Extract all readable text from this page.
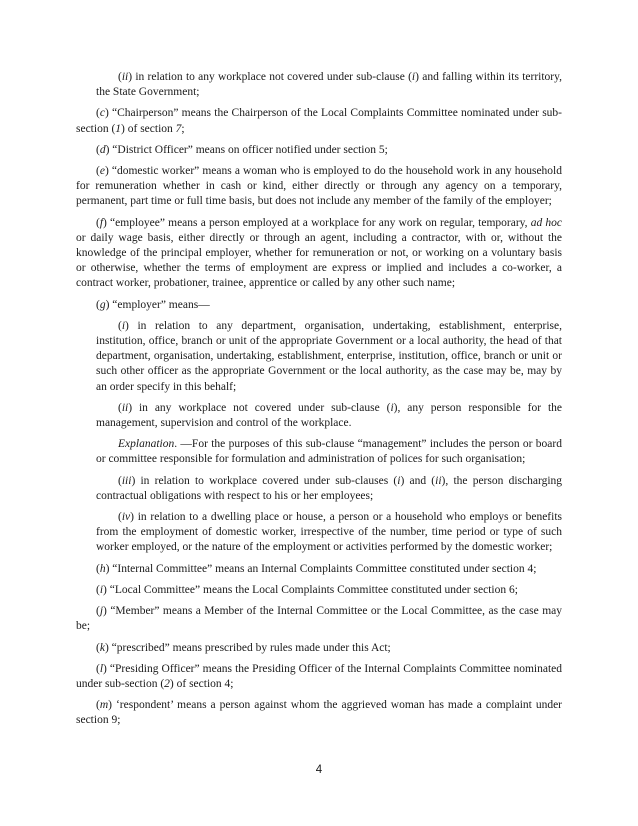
(ii) in relation to any workplace not covered under sub-clause (i) and falling within its territory, the State Government;

(c) “Chairperson” means the Chairperson of the Local Complaints Committee nominated under sub-section (1) of section 7;

(d) “District Officer” means on officer notified under section 5;

(e) “domestic worker” means a woman who is employed to do the household work in any household for remuneration whether in cash or kind, either directly or through any agency on a temporary, permanent, part time or full time basis, but does not include any member of the family of the employer;

(f) “employee” means a person employed at a workplace for any work on regular, temporary, ad hoc or daily wage basis, either directly or through an agent, including a contractor, with or, without the knowledge of the principal employer, whether for remuneration or not, or working on a voluntary basis or otherwise, whether the terms of employment are express or implied and includes a co-worker, a contract worker, probationer, trainee, apprentice or called by any other such name;

(g) “employer” means—

(i) in relation to any department, organisation, undertaking, establishment, enterprise, institution, office, branch or unit of the appropriate Government or a local authority, the head of that department, organisation, undertaking, establishment, enterprise, institution, office, branch or unit or such other officer as the appropriate Government or the local authority, as the case may be, may by an order specify in this behalf;

(ii) in any workplace not covered under sub-clause (i), any person responsible for the management, supervision and control of the workplace.

Explanation. —For the purposes of this sub-clause “management” includes the person or board or committee responsible for formulation and administration of polices for such organisation;

(iii) in relation to workplace covered under sub-clauses (i) and (ii), the person discharging contractual obligations with respect to his or her employees;

(iv) in relation to a dwelling place or house, a person or a household who employs or benefits from the employment of domestic worker, irrespective of the number, time period or type of such worker employed, or the nature of the employment or activities performed by the domestic worker;

(h) “Internal Committee” means an Internal Complaints Committee constituted under section 4;

(i) “Local Committee” means the Local Complaints Committee constituted under section 6;

(j) “Member” means a Member of the Internal Committee or the Local Committee, as the case may be;

(k) “prescribed” means prescribed by rules made under this Act;

(l) “Presiding Officer” means the Presiding Officer of the Internal Complaints Committee nominated under sub-section (2) of section 4;

(m) ‘respondent’ means a person against whom the aggrieved woman has made a complaint under section 9;

4
